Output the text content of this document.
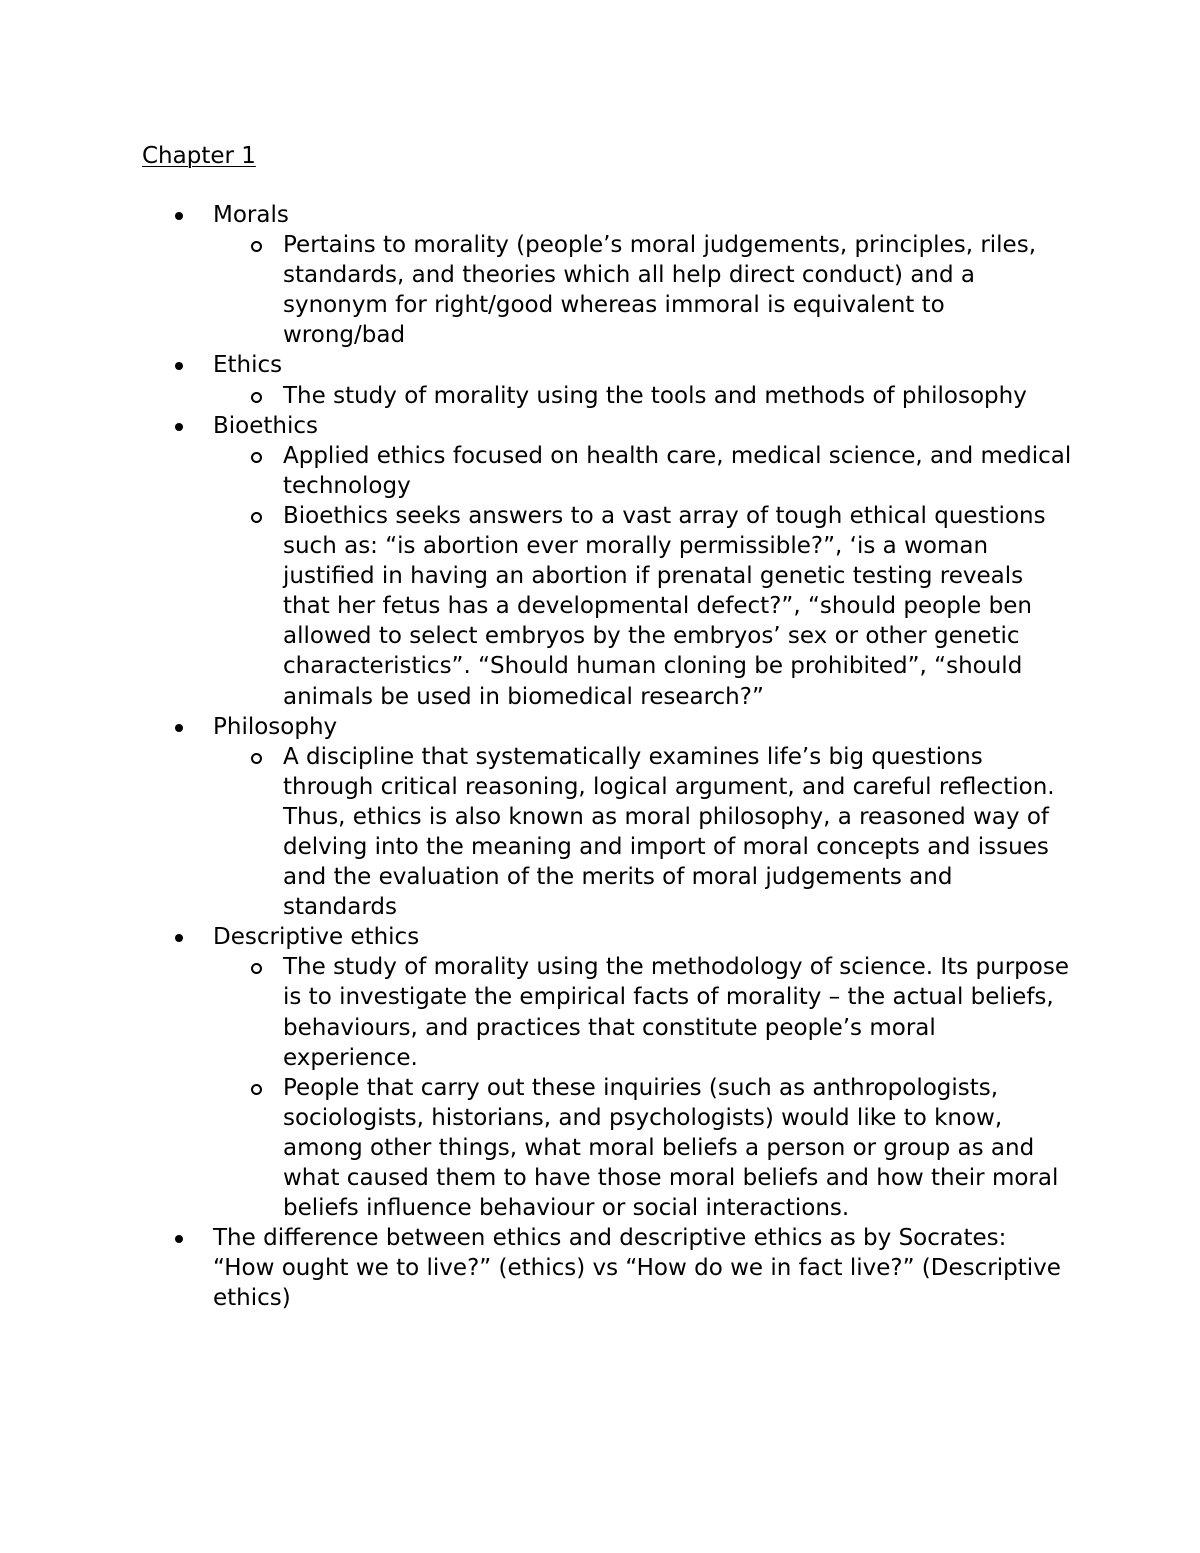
Chapter 1
Morals
Pertains to morality (people’s moral judgements, principles, riles, standards, and theories which all help direct conduct) and a synonym for right/good whereas immoral is equivalent to wrong/bad
Ethics
The study of morality using the tools and methods of philosophy
Bioethics
Applied ethics focused on health care, medical science, and medical technology
Bioethics seeks answers to a vast array of tough ethical questions such as: “is abortion ever morally permissible?”, ‘is a woman justified in having an abortion if prenatal genetic testing reveals that her fetus has a developmental defect?”, “should people ben allowed to select embryos by the embryos’ sex or other genetic characteristics”. “Should human cloning be prohibited”, “should animals be used in biomedical research?”
Philosophy
A discipline that systematically examines life’s big questions through critical reasoning, logical argument, and careful reflection. Thus, ethics is also known as moral philosophy, a reasoned way of delving into the meaning and import of moral concepts and issues and the evaluation of the merits of moral judgements and standards
Descriptive ethics
The study of morality using the methodology of science. Its purpose is to investigate the empirical facts of morality – the actual beliefs, behaviours, and practices that constitute people’s moral experience.
People that carry out these inquiries (such as anthropologists, sociologists, historians, and psychologists) would like to know, among other things, what moral beliefs a person or group as and what caused them to have those moral beliefs and how their moral beliefs influence behaviour or social interactions.
The difference between ethics and descriptive ethics as by Socrates: “How ought we to live?” (ethics) vs “How do we in fact live?” (Descriptive ethics)
